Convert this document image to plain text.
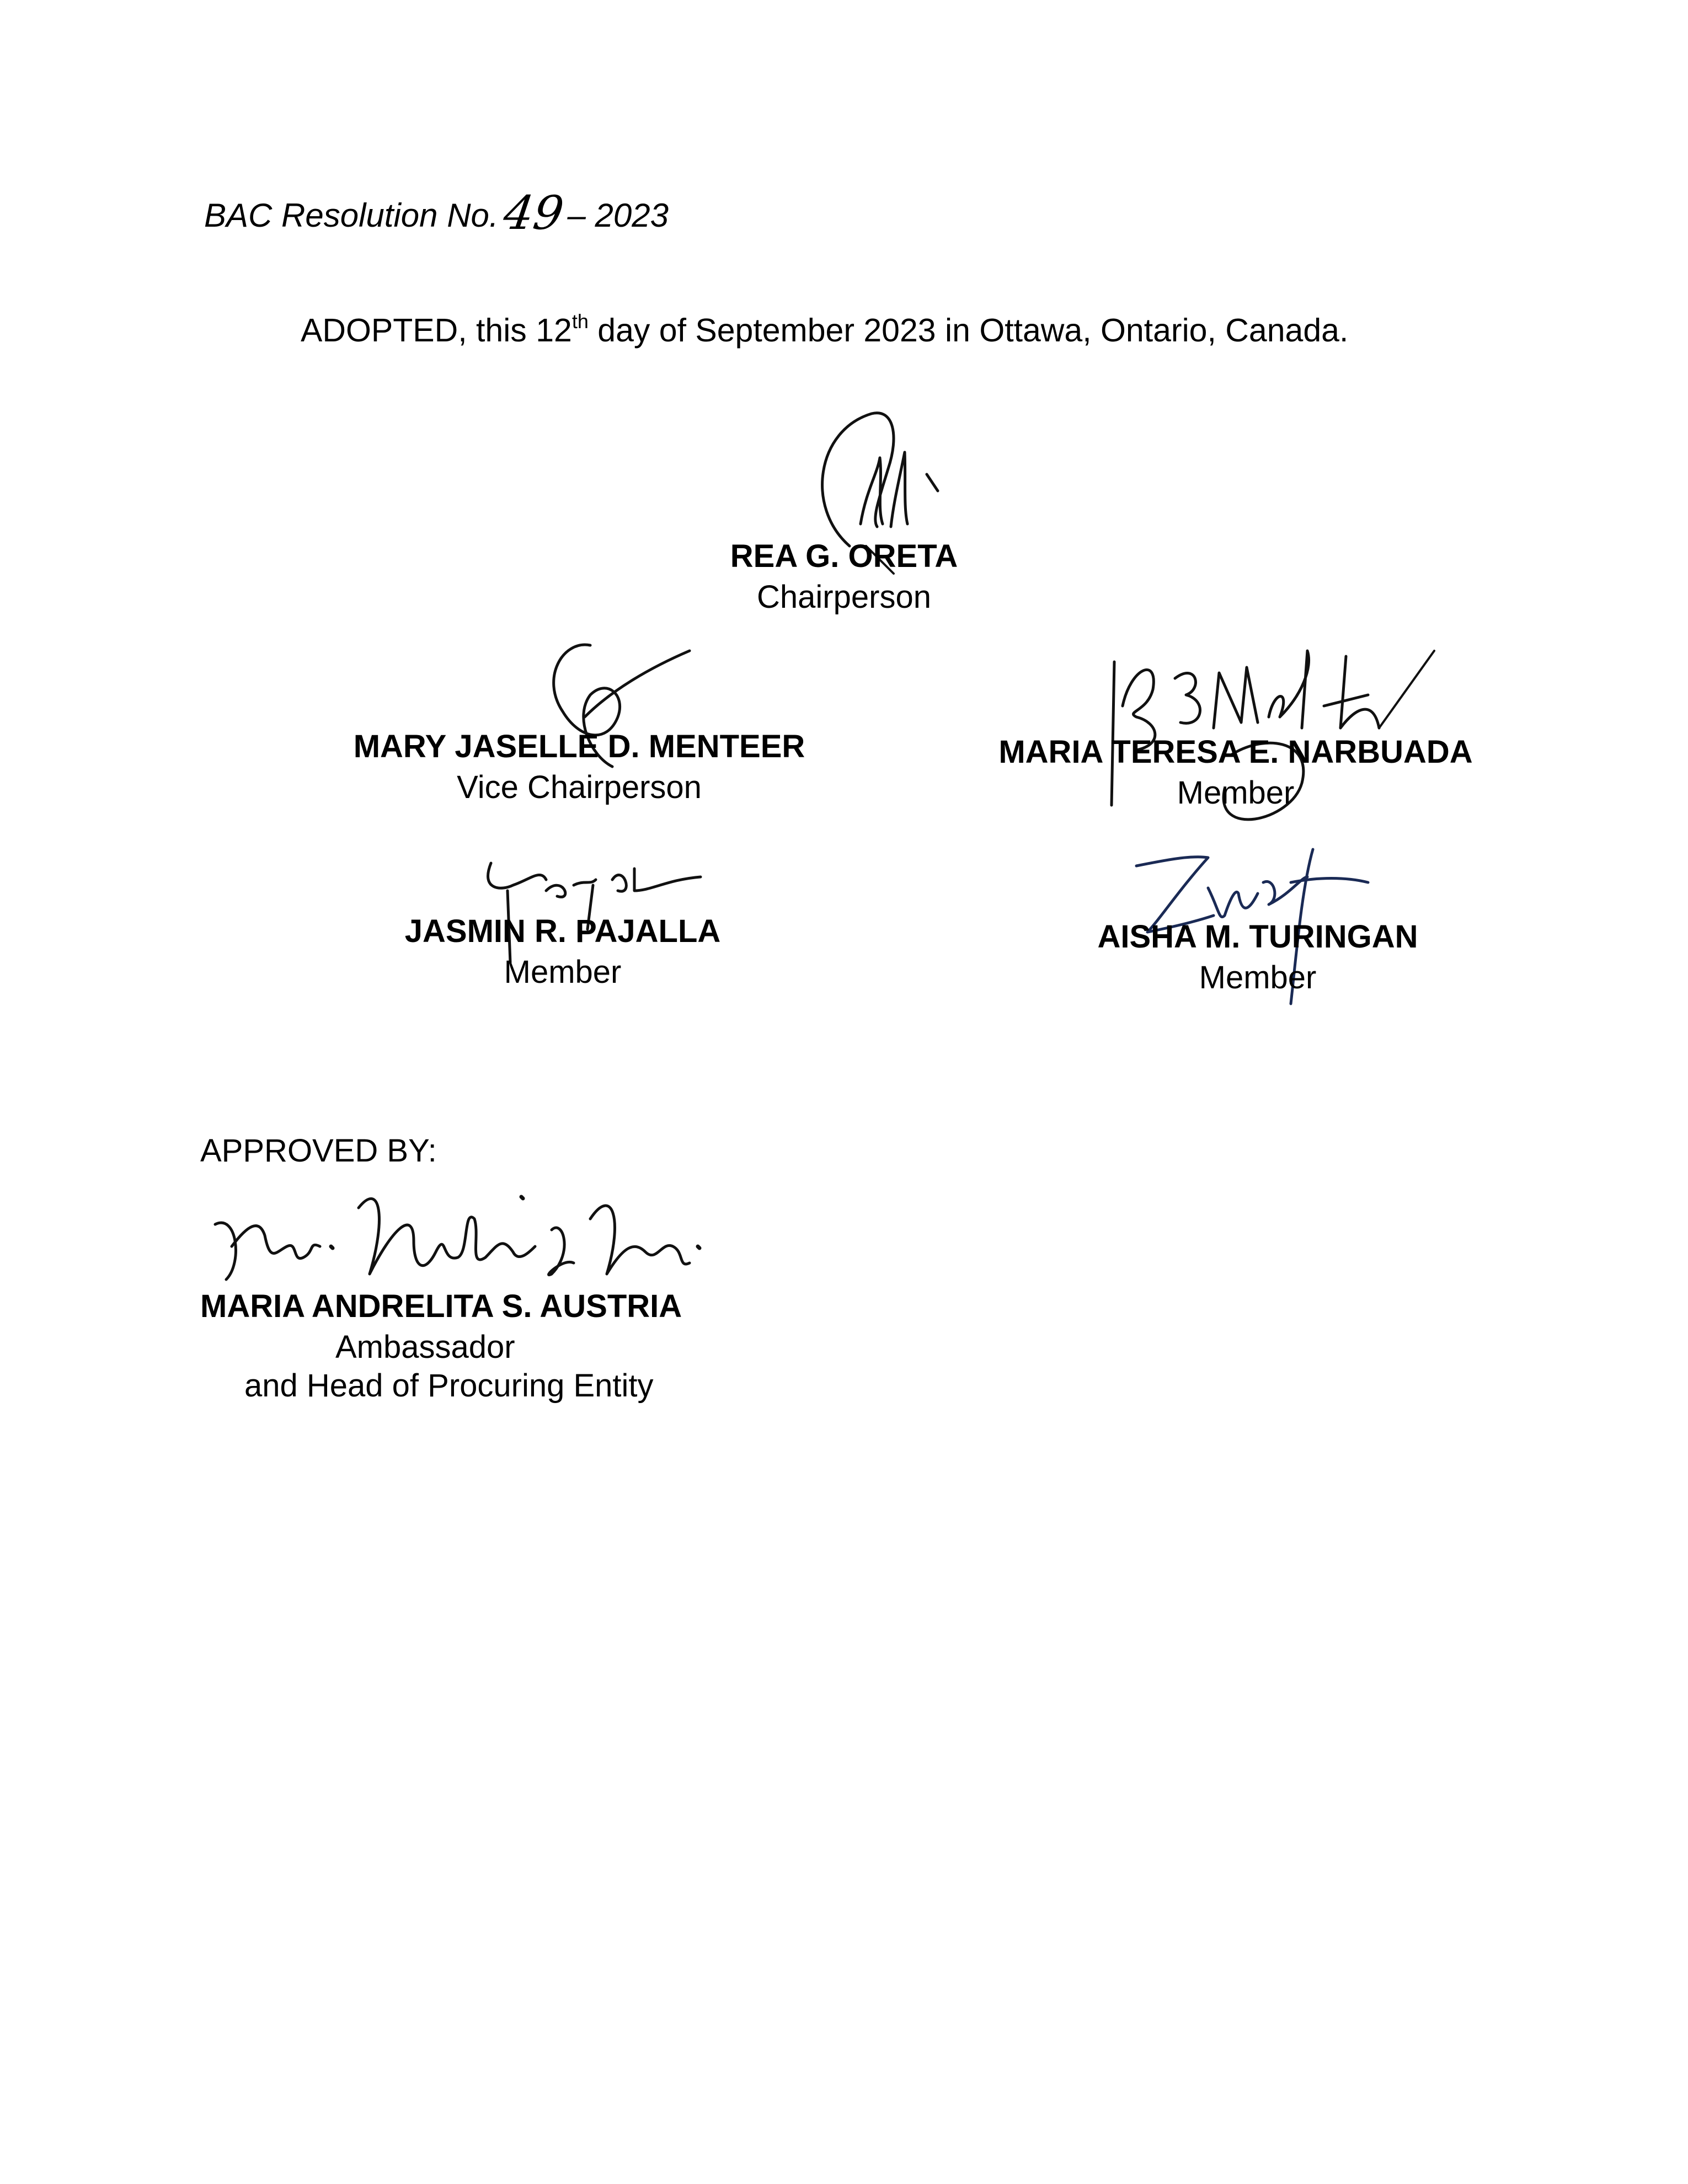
BAC Resolution No.49– 2023
ADOPTED, this 12th day of September 2023 in Ottawa, Ontario, Canada.
REA G. ORETA
Chairperson
MARY JASELLE D. MENTEER
Vice Chairperson
MARIA TERESA E. NARBUADA
Member
JASMIN R. PAJALLA
Member
AISHA M. TURINGAN
Member
APPROVED BY:
MARIA ANDRELITA S. AUSTRIA
Ambassador
and Head of Procuring Entity
